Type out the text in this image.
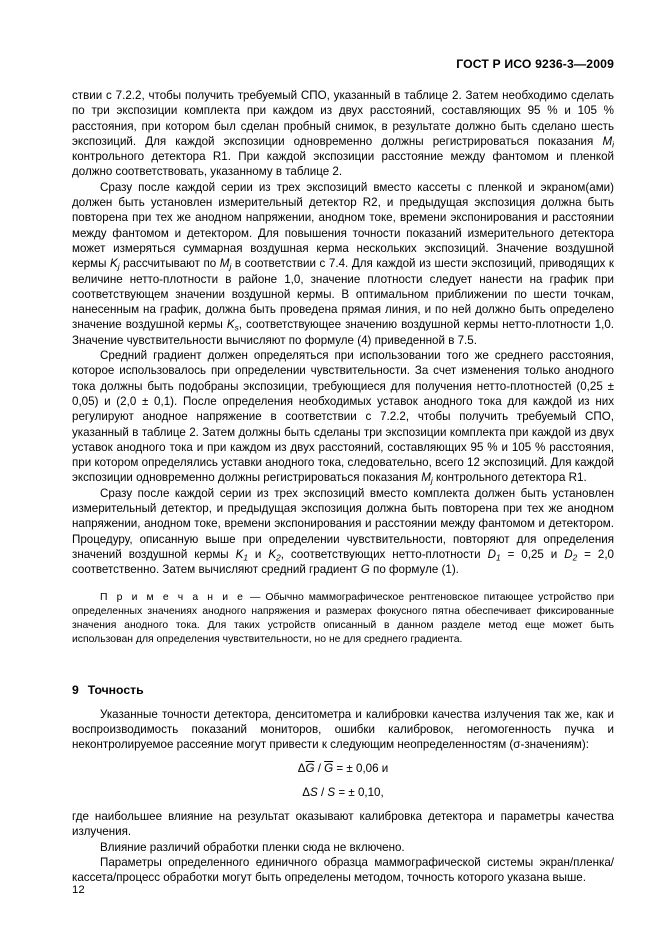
ГОСТ Р ИСО 9236-3—2009

ствии с 7.2.2, чтобы получить требуемый СПО, указанный в таблице 2. Затем необходимо сделать по три экспозиции комплекта при каждом из двух расстояний, составляющих 95 % и 105 % расстояния, при котором был сделан пробный снимок, в результате должно быть сделано шесть экспозиций. Для каждой экспозиции одновременно должны регистрироваться показания $M_i$ контрольного детектора R1. При каждой экспозиции расстояние между фантомом и пленкой должно соответствовать, указанному в таблице 2.

Сразу после каждой серии из трех экспозиций вместо кассеты с пленкой и экраном(ами) должен быть установлен измерительный детектор R2, и предыдущая экспозиция должна быть повторена при тех же анодном напряжении, анодном токе, времени экспонирования и расстоянии между фантомом и детектором. Для повышения точности показаний измерительного детектора может измеряться суммарная воздушная керма нескольких экспозиций. Значение воздушной кермы $K_j$ рассчитывают по $M_j$ в соответствии с 7.4. Для каждой из шести экспозиций, приводящих к величине нетто-плотности в районе 1,0, значение плотности следует нанести на график при соответствующем значении воздушной кермы. В оптимальном приближении по шести точкам, нанесенным на график, должна быть проведена прямая линия, и по ней должно быть определено значение воздушной кермы $K_s$, соответствующее значению воздушной кермы нетто-плотности 1,0. Значение чувствительности вычисляют по формуле (4) приведенной в 7.5.

Средний градиент должен определяться при использовании того же среднего расстояния, которое использовалось при определении чувствительности. За счет изменения только анодного тока должны быть подобраны экспозиции, требующиеся для получения нетто-плотностей (0,25 ± 0,05) и (2,0 ± 0,1). После определения необходимых уставок анодного тока для каждой из них регулируют анодное напряжение в соответствии с 7.2.2, чтобы получить требуемый СПО, указанный в таблице 2. Затем должны быть сделаны три экспозиции комплекта при каждой из двух уставок анодного тока и при каждом из двух расстояний, составляющих 95 % и 105 % расстояния, при котором определялись уставки анодного тока, следовательно, всего 12 экспозиций. Для каждой экспозиции одновременно должны регистрироваться показания $M_j$ контрольного детектора R1.

Сразу после каждой серии из трех экспозиций вместо комплекта должен быть установлен измерительный детектор, и предыдущая экспозиция должна быть повторена при тех же анодном напряжении, анодном токе, времени экспонирования и расстоянии между фантомом и детектором. Процедуру, описанную выше при определении чувствительности, повторяют для определения значений воздушной кермы $K_1$ и $K_2$, соответствующих нетто-плотности $D_1 = 0,25$ и $D_2 = 2,0$ соответственно. Затем вычисляют средний градиент G по формуле (1).

П р и м е ч а н и е — Обычно маммографическое рентгеновское питающее устройство при определенных значениях анодного напряжения и размерах фокусного пятна обеспечивает фиксированные значения анодного тока. Для таких устройств описанный в данном разделе метод еще может быть использован для определения чувствительности, но не для среднего градиента.

9 Точность

Указанные точности детектора, денситометра и калибровки качества излучения так же, как и воспроизводимость показаний мониторов, ошибки калибровок, негомогенность пучка и неконтролируемое рассеяние могут привести к следующим неопределенностям (σ-значениям):

$\Delta\overline{G} / \overline{G}$ = ± 0,06 и

ΔS / S = ± 0,10,

где наибольшее влияние на результат оказывают калибровка детектора и параметры качества излучения.

Влияние различий обработки пленки сюда не включено.

Параметры определенного единичного образца маммографической системы экран/пленка/кассета/процесс обработки могут быть определены методом, точность которого указана выше.

12
